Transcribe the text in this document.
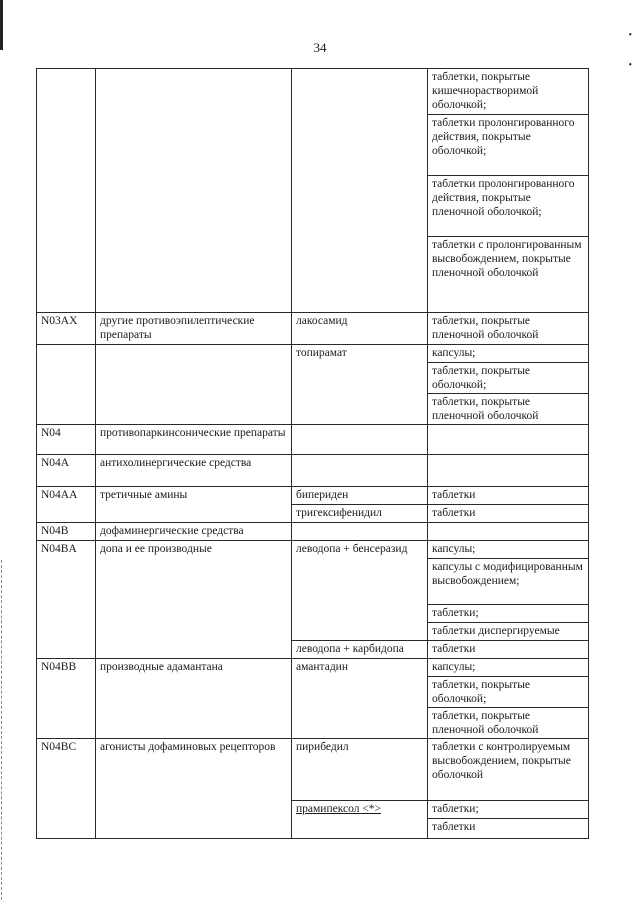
•
•
34
			таблетки, покрытые кишечнорастворимой оболочкой;
			таблетки пролонгированного действия, покрытые оболочкой;
			таблетки пролонгированного действия, покрытые пленочной оболочкой;
			таблетки с пролонгированным высвобождением, покрытые пленочной оболочкой
N03AX	другие противоэпилептические препараты	лакосамид	таблетки, покрытые пленочной оболочкой
		топирамат	капсулы;
			таблетки, покрытые оболочкой;
			таблетки, покрытые пленочной оболочкой
N04	противопаркинсонические препараты		
N04A	антихолинергические средства		
N04AA	третичные амины	бипериден	таблетки
		тригексифенидил	таблетки
N04B	дофаминергические средства		
N04BA	допа и ее производные	леводопа + бенсеразид	капсулы;
			капсулы с модифицированным высвобождением;
			таблетки;
			таблетки диспергируемые
		леводопа + карбидопа	таблетки
N04BB	производные адамантана	амантадин	капсулы;
			таблетки, покрытые оболочкой;
			таблетки, покрытые пленочной оболочкой
N04BC	агонисты дофаминовых рецепторов	пирибедил	таблетки с контролируемым высвобождением, покрытые оболочкой
		прамипексол <*>	таблетки;
			таблетки
